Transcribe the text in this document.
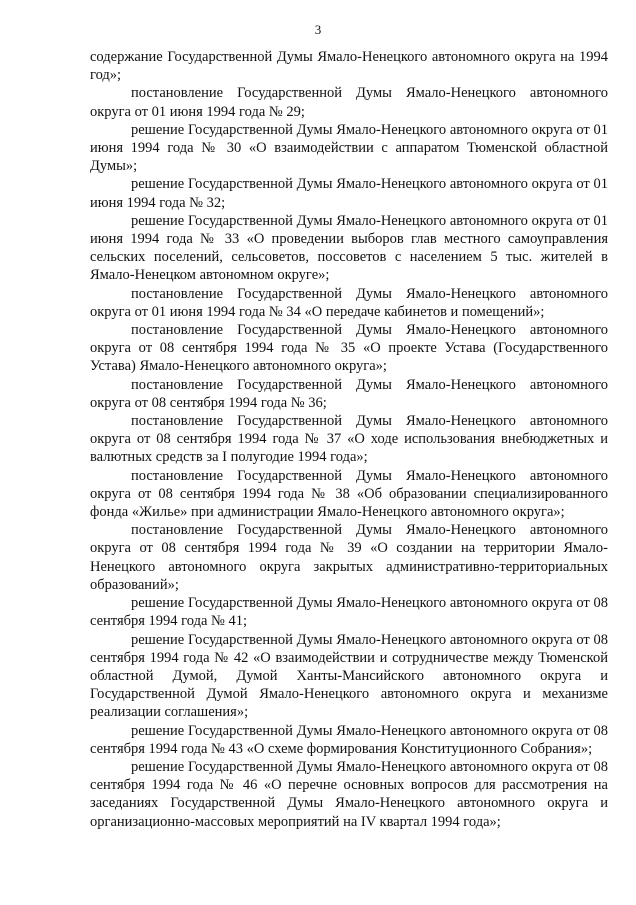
3

содержание Государственной Думы Ямало-Ненецкого автономного округа на 1994 год»;

постановление Государственной Думы Ямало-Ненецкого автономного округа от 01 июня 1994 года № 29;

решение Государственной Думы Ямало-Ненецкого автономного округа от 01 июня 1994 года № 30 «О взаимодействии с аппаратом Тюменской областной Думы»;

решение Государственной Думы Ямало-Ненецкого автономного округа от 01 июня 1994 года № 32;

решение Государственной Думы Ямало-Ненецкого автономного округа от 01 июня 1994 года № 33 «О проведении выборов глав местного самоуправления сельских поселений, сельсоветов, поссоветов с населением 5 тыс. жителей в Ямало-Ненецком автономном округе»;

постановление Государственной Думы Ямало-Ненецкого автономного округа от 01 июня 1994 года № 34 «О передаче кабинетов и помещений»;

постановление Государственной Думы Ямало-Ненецкого автономного округа от 08 сентября 1994 года № 35 «О проекте Устава (Государственного Устава) Ямало-Ненецкого автономного округа»;

постановление Государственной Думы Ямало-Ненецкого автономного округа от 08 сентября 1994 года № 36;

постановление Государственной Думы Ямало-Ненецкого автономного округа от 08 сентября 1994 года № 37 «О ходе использования внебюджетных и валютных средств за I полугодие 1994 года»;

постановление Государственной Думы Ямало-Ненецкого автономного округа от 08 сентября 1994 года № 38 «Об образовании специализированного фонда «Жилье» при администрации Ямало-Ненецкого автономного округа»;

постановление Государственной Думы Ямало-Ненецкого автономного округа от 08 сентября 1994 года № 39 «О создании на территории Ямало-Ненецкого автономного округа закрытых административно-территориальных образований»;

решение Государственной Думы Ямало-Ненецкого автономного округа от 08 сентября 1994 года № 41;

решение Государственной Думы Ямало-Ненецкого автономного округа от 08 сентября 1994 года № 42 «О взаимодействии и сотрудничестве между Тюменской областной Думой, Думой Ханты-Мансийского автономного округа и Государственной Думой Ямало-Ненецкого автономного округа и механизме реализации соглашения»;

решение Государственной Думы Ямало-Ненецкого автономного округа от 08 сентября 1994 года № 43 «О схеме формирования Конституционного Собрания»;

решение Государственной Думы Ямало-Ненецкого автономного округа от 08 сентября 1994 года № 46 «О перечне основных вопросов для рассмотрения на заседаниях Государственной Думы Ямало-Ненецкого автономного округа и организационно-массовых мероприятий на IV квартал 1994 года»;
